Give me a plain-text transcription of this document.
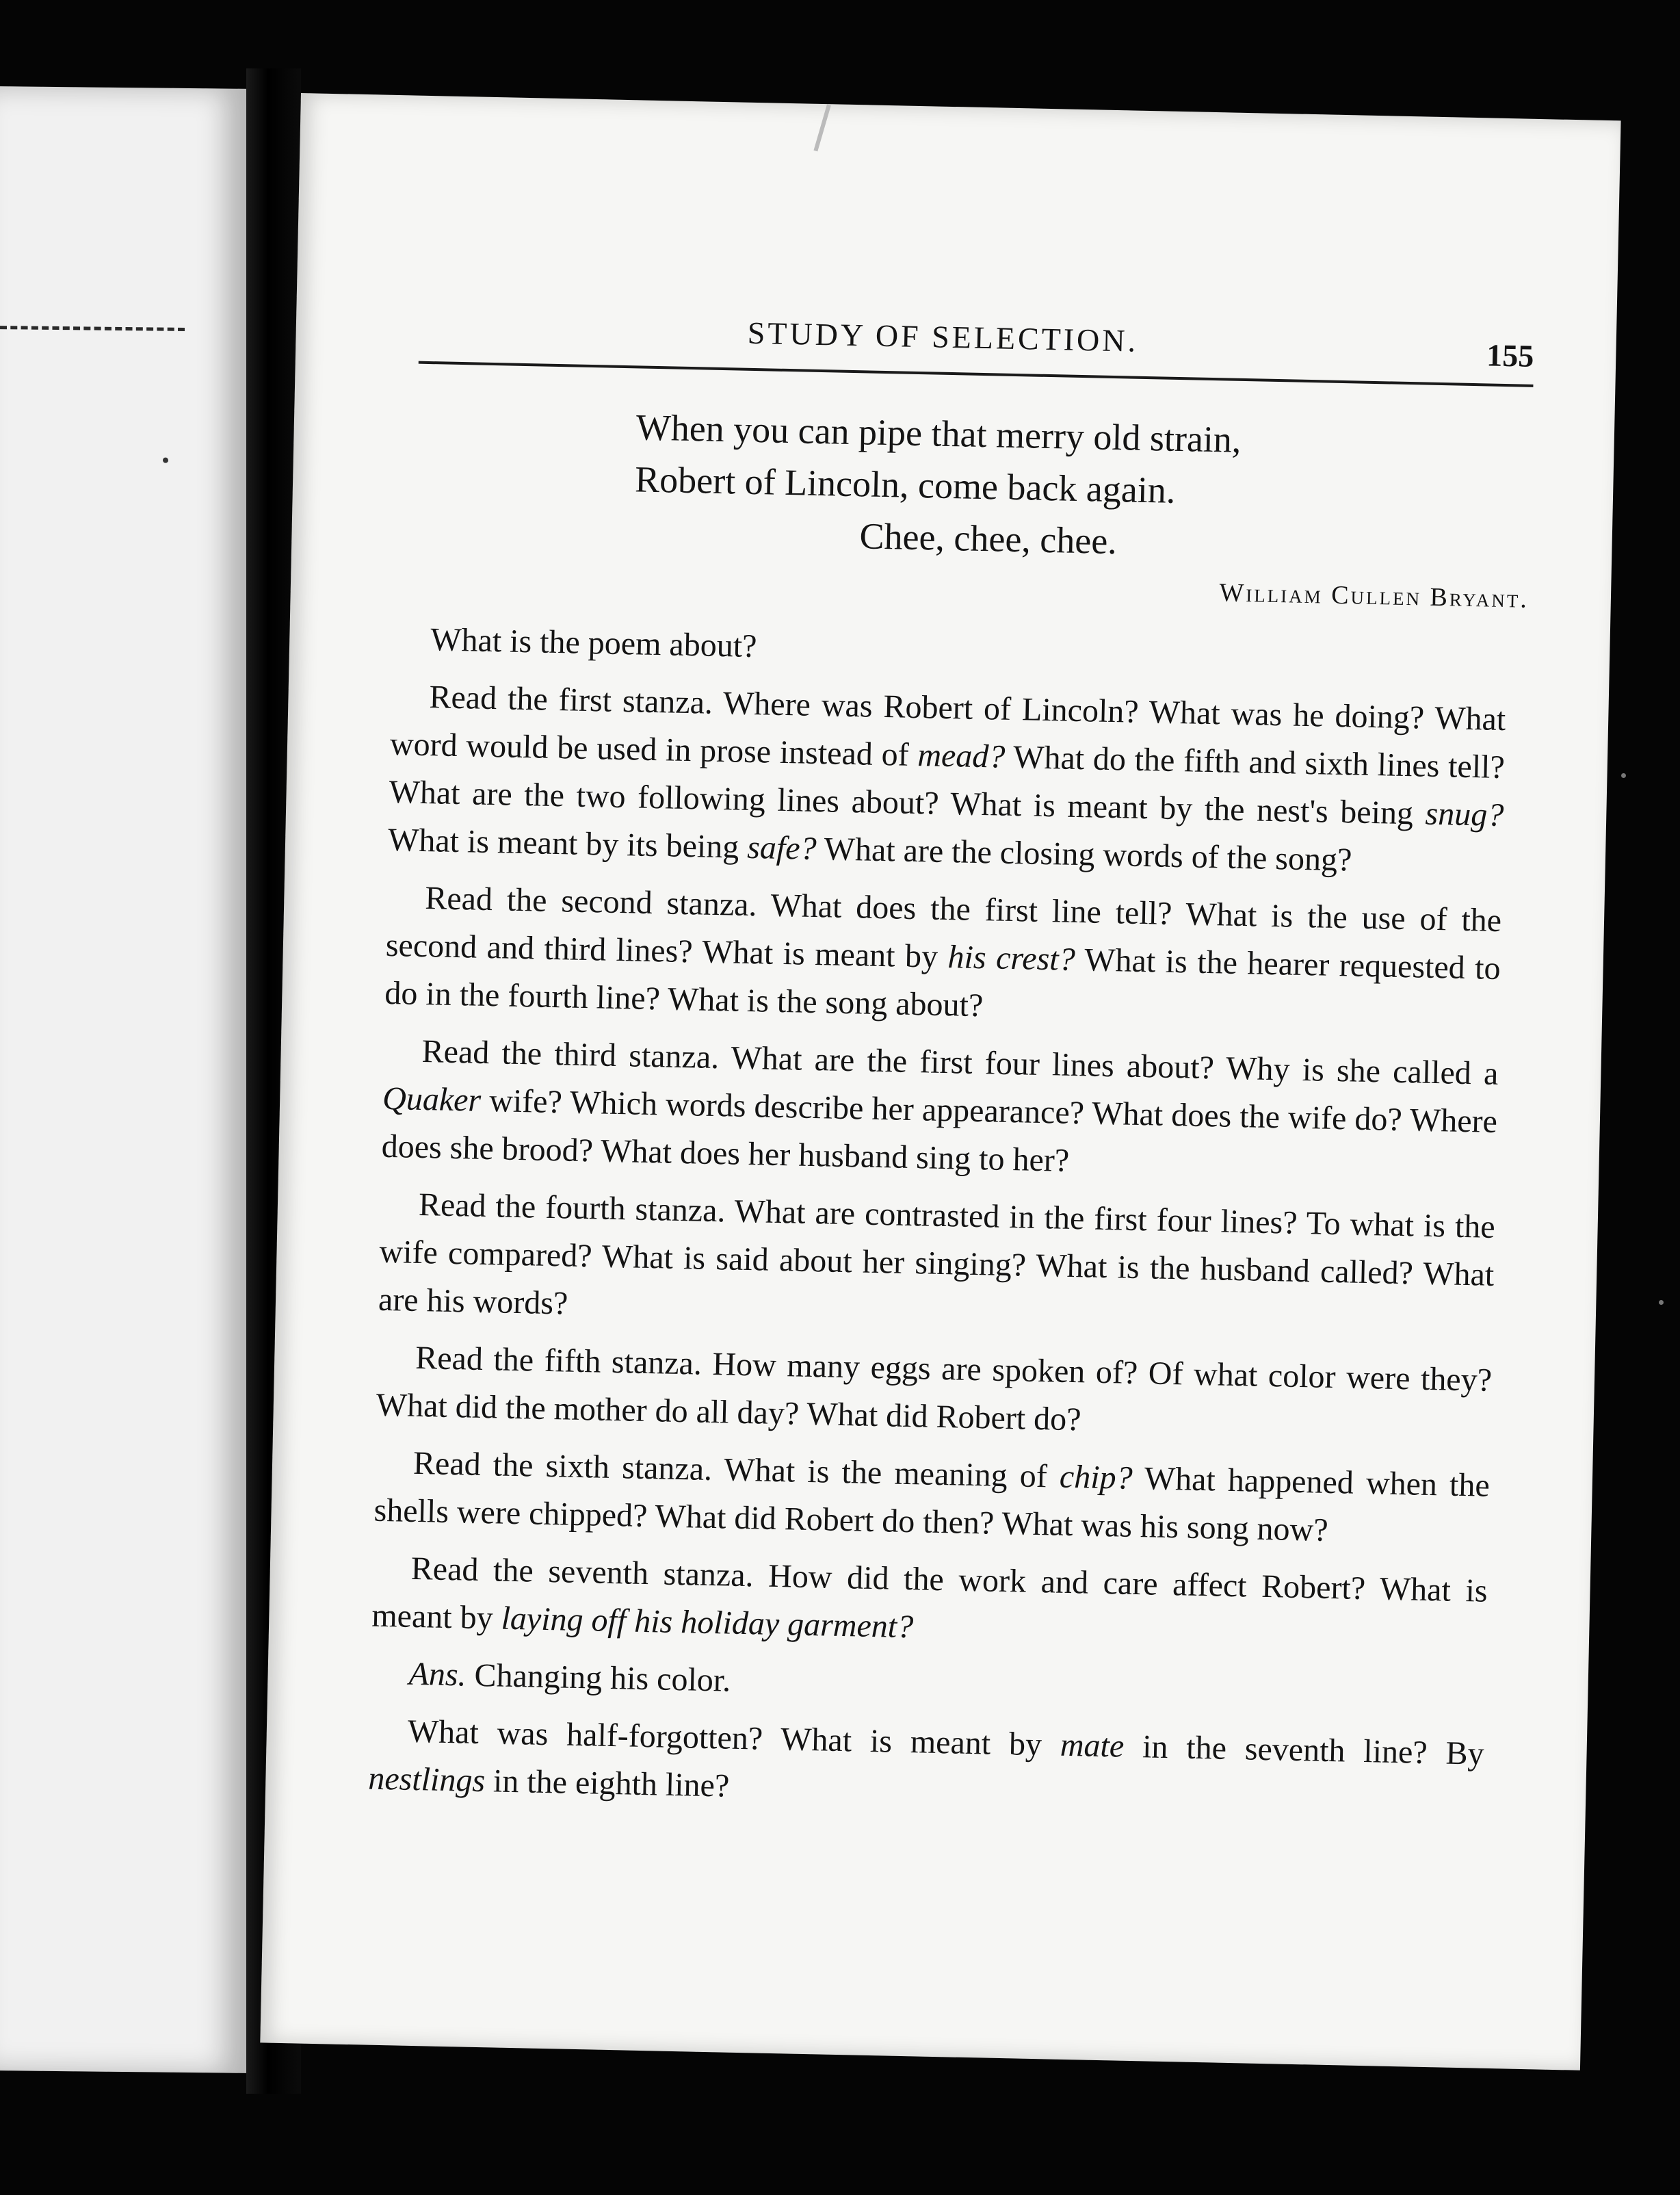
STUDY OF SELECTION.	155
When you can pipe that merry old strain,
Robert of Lincoln, come back again.
Chee, chee, chee.
William Cullen Bryant.

What is the poem about?

Read the first stanza. Where was Robert of Lincoln? What was he doing? What word would be used in prose instead of mead? What do the fifth and sixth lines tell? What are the two following lines about? What is meant by the nest's being snug? What is meant by its being safe? What are the closing words of the song?

Read the second stanza. What does the first line tell? What is the use of the second and third lines? What is meant by his crest? What is the hearer requested to do in the fourth line? What is the song about?

Read the third stanza. What are the first four lines about? Why is she called a Quaker wife? Which words describe her appearance? What does the wife do? Where does she brood? What does her husband sing to her?

Read the fourth stanza. What are contrasted in the first four lines? To what is the wife compared? What is said about her singing? What is the husband called? What are his words?

Read the fifth stanza. How many eggs are spoken of? Of what color were they? What did the mother do all day? What did Robert do?

Read the sixth stanza. What is the meaning of chip? What happened when the shells were chipped? What did Robert do then? What was his song now?

Read the seventh stanza. How did the work and care affect Robert? What is meant by laying off his holiday garment?

Ans. Changing his color.

What was half-forgotten? What is meant by mate in the seventh line? By nestlings in the eighth line?
